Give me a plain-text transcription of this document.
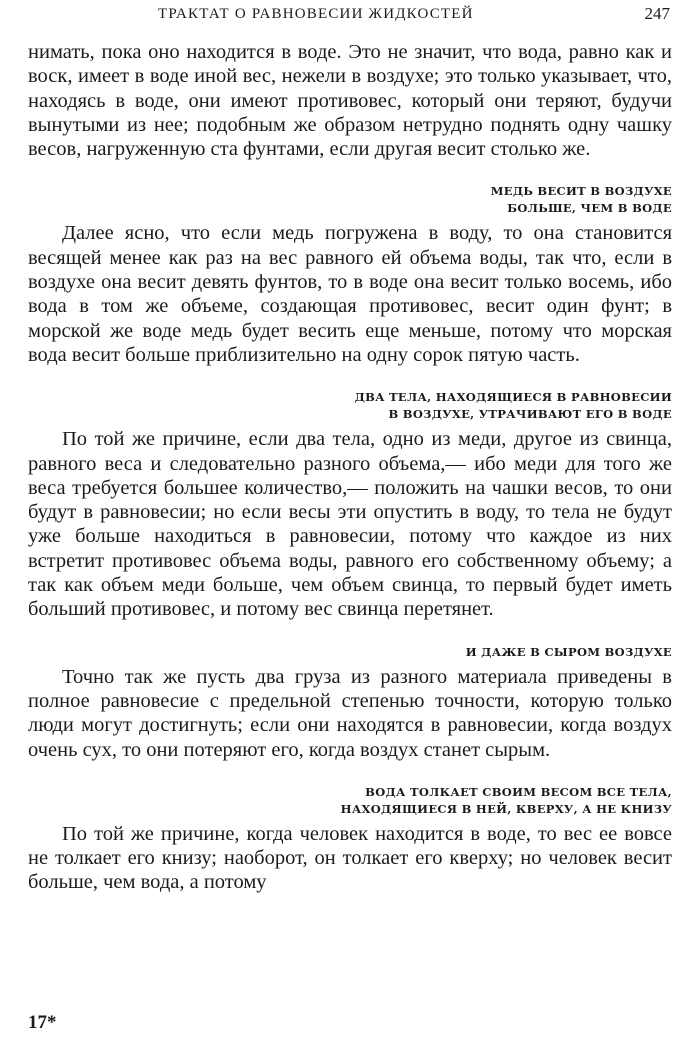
ТРАКТАТ О РАВНОВЕСИИ ЖИДКОСТЕЙ	247

нимать, пока оно находится в воде. Это не значит, что вода, равно как и воск, имеет в воде иной вес, нежели в воздухе; это только указывает, что, находясь в воде, они имеют противовес, который они теряют, будучи вынутыми из нее; подобным же образом нетрудно поднять одну чашку весов, нагруженную ста фунтами, если другая весит столько же.

МЕДЬ ВЕСИТ В ВОЗДУХЕ
БОЛЬШЕ, ЧЕМ В ВОДЕ

Далее ясно, что если медь погружена в воду, то она становится весящей менее как раз на вес равного ей объема воды, так что, если в воздухе она весит девять фунтов, то в воде она весит только восемь, ибо вода в том же объеме, создающая противовес, весит один фунт; в морской же воде медь будет весить еще меньше, потому что морская вода весит больше приблизительно на одну сорок пятую часть.

ДВА ТЕЛА, НАХОДЯЩИЕСЯ В РАВНОВЕСИИ
В ВОЗДУХЕ, УТРАЧИВАЮТ ЕГО В ВОДЕ

По той же причине, если два тела, одно из меди, другое из свинца, равного веса и следовательно разного объема,— ибо меди для того же веса требуется большее количество,— положить на чашки весов, то они будут в равновесии; но если весы эти опустить в воду, то тела не будут уже больше находиться в равновесии, потому что каждое из них встретит противовес объема воды, равного его собственному объему; а так как объем меди больше, чем объем свинца, то первый будет иметь больший противовес, и потому вес свинца перетянет.

И ДАЖЕ В СЫРОМ ВОЗДУХЕ

Точно так же пусть два груза из разного материала приведены в полное равновесие с предельной степенью точности, которую только люди могут достигнуть; если они находятся в равновесии, когда воздух очень сух, то они потеряют его, когда воздух станет сырым.

ВОДА ТОЛКАЕТ СВОИМ ВЕСОМ ВСЕ ТЕЛА,
НАХОДЯЩИЕСЯ В НЕЙ, КВЕРХУ, А НЕ КНИЗУ

По той же причине, когда человек находится в воде, то вес ее вовсе не толкает его книзу; наоборот, он толкает его кверху; но человек весит больше, чем вода, а потому

17*
